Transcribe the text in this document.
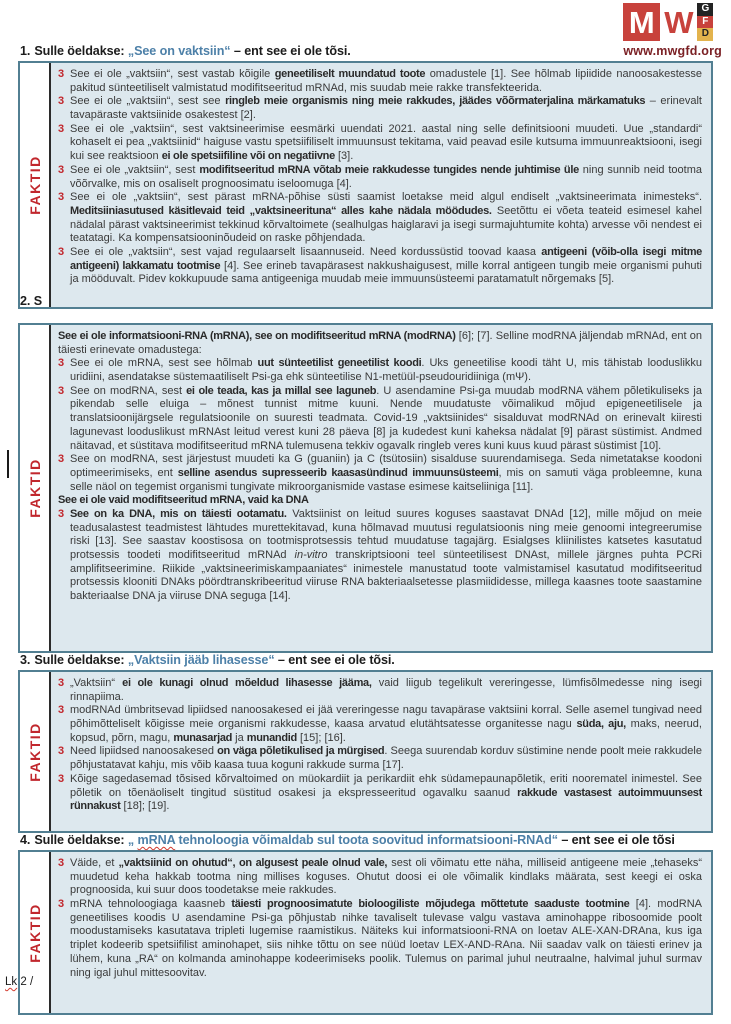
M W G
F
D
www.mwgfd.org
1. Sulle öeldakse: „See on vaktsiin“ – ent see ei ole tõsi.
FAKTID
3 See ei ole „vaktsiin“, sest vastab kõigile geneetiliselt muundatud toote omadustele [1]. See hõlmab lipiidide nanoosakestesse pakitud sünteetiliselt valmistatud modifitseeritud mRNAd, mis suudab meie rakke transfekteerida.
3 See ei ole „vaktsiin“, sest see ringleb meie organismis ning meie rakkudes, jäädes võõrmaterjalina märkamatuks – erinevalt tavapäraste vaktsiinide osakestest [2].
3 See ei ole „vaktsiin“, sest vaktsineerimise eesmärki uuendati 2021. aastal ning selle definitsiooni muudeti. Uue „standardi“ kohaselt ei pea „vaktsiinid“ haiguse vastu spetsiifiliselt immuunsust tekitama, vaid peavad esile kutsuma immuunreaktsiooni, isegi kui see reaktsioon ei ole spetsiifiline või on negatiivne [3].
3 See ei ole „vaktsiin“, sest modifitseeritud mRNA võtab meie rakkudesse tungides nende juhtimise üle ning sunnib neid tootma võõrvalke, mis on osaliselt prognoosimatu iseloomuga [4].
3 See ei ole „vaktsiin“, sest pärast mRNA-põhise süsti saamist loetakse meid algul endiselt „vaktsineerimata inimesteks“. Meditsiiniasutused käsitlevaid teid „vaktsineerituna“ alles kahe nädala möödudes. Seetõttu ei võeta teateid esimesel kahel nädalal pärast vaktsineerimist tekkinud kõrvaltoimete (sealhulgas haiglaravi ja isegi surmajuhtumite kohta) arvesse või nendest ei teatatagi. Ka kompensatsiooninõudeid on raske põhjendada.
3 See ei ole „vaktsiin“, sest vajad regulaarselt lisaannuseid. Need kordussüstid toovad kaasa antigeeni (võib-olla isegi mitme antigeeni) lakkamatu tootmise [4]. See erineb tavapärasest nakkushaigusest, mille korral antigeen tungib meie organismi puhuti ja mööduvalt. Pidev kokkupuude sama antigeeniga muudab meie immuunsüsteemi paratamatult nõrgemaks [5].
FAKTID
See ei ole informatsiooni-RNA (mRNA), see on modifitseeritud mRNA (modRNA) [6]; [7]. Selline modRNA jäljendab mRNAd, ent on täiesti erinevate omadustega:
3 See ei ole mRNA, sest see hõlmab uut sünteetilist geneetilist koodi. Uks geneetilise koodi täht U, mis tähistab looduslikku uridiini, asendatakse süstemaatiliselt Psi-ga ehk sünteetilise N1-metüül-pseudouridiiniga (mΨ).
3 See on modRNA, sest ei ole teada, kas ja millal see laguneb. U asendamine Psi-ga muudab modRNA vähem põletikuliseks ja pikendab selle eluiga – mõnest tunnist mitme kuuni. Nende muudatuste võimalikud mõjud epigeneetilisele ja translatsioonijärgsele regulatsioonile on suuresti teadmata. Covid-19 „vaktsiinides“ sisalduvat modRNAd on erinevalt kiiresti lagunevast looduslikust mRNAst leitud verest kuni 28 päeva [8] ja kudedest kuni kaheksa nädalat [9] pärast süstimist. Andmed näitavad, et süstitava modifitseeritud mRNA tulemusena tekkiv ogavalk ringleb veres kuni kuus kuud pärast süstimist [10].
3 See on modRNA, sest järjestust muudeti ka G (guaniin) ja C (tsütosiin) sisalduse suurendamisega. Seda nimetatakse koodoni optimeerimiseks, ent selline asendus supresseerib kaasasündinud immuunsüsteemi, mis on samuti väga probleemne, kuna selle näol on tegemist organismi tungivate mikroorganismide vastase esimese kaitseliiniga [11].
See ei ole vaid modifitseeritud mRNA, vaid ka DNA
3 See on ka DNA, mis on täiesti ootamatu. Vaktsiinist on leitud suures koguses saastavat DNAd [12], mille mõjud on meie teadusalastest teadmistest lähtudes murettekitavad, kuna hõlmavad muutusi regulatsioonis ning meie genoomi integreerumise riski [13]. See saastav koostisosa on tootmisprotsessis tehtud muudatuse tagajärg. Esialgses kliinilistes katsetes kasutatud protsessis toodeti modifitseeritud mRNAd in-vitro transkriptsiooni teel sünteetilisest DNAst, millele järgnes puhta PCRi amplifitseerimine. Riikide „vaktsineerimiskampaaniates“ inimestele manustatud toote valmistamisel kasutatud modifitseeritud protsessis klooniti DNAks pöördtranskribeeritud viiruse RNA bakteriaalsetesse plasmiididesse, millega kaasnes toote saastamine bakteriaalse DNA ja viiruse DNA seguga [14].
3. Sulle öeldakse: „Vaktsiin jääb lihasesse“ – ent see ei ole tõsi.
FAKTID
3 „Vaktsiin“ ei ole kunagi olnud mõeldud lihasesse jääma, vaid liigub tegelikult vereringesse, lümfisõlmedesse ning isegi rinnapiima.
3 modRNAd ümbritsevad lipiidsed nanoosakesed ei jää vereringesse nagu tavapärase vaktsiini korral. Selle asemel tungivad need põhimõtteliselt kõigisse meie organismi rakkudesse, kaasa arvatud elutähtsatesse organitesse nagu süda, aju, maks, neerud, kopsud, põrn, magu, munasarjad ja munandid [15]; [16].
3 Need lipiidsed nanoosakesed on väga põletikulised ja mürgised. Seega suurendab korduv süstimine nende poolt meie rakkudele põhjustatavat kahju, mis võib kaasa tuua koguni rakkude surma [17].
3 Kõige sagedasemad tõsised kõrvaltoimed on müokardiit ja perikardiit ehk südamepaunapõletik, eriti noorematel inimestel. See põletik on tõenäoliselt tingitud süstitud osakesi ja ekspresseeritud ogavalku saanud rakkude vastasest autoimmuunsest rünnakust [18]; [19].
4. Sulle öeldakse: „ mRNA tehnoloogia võimaldab sul toota soovitud informatsiooni-RNAd“ – ent see ei ole tõsi
FAKTID
3 Väide, et „vaktsiinid on ohutud“, on algusest peale olnud vale, sest oli võimatu ette näha, milliseid antigeene meie „tehaseks“ muudetud keha hakkab tootma ning millises koguses. Ohutut doosi ei ole võimalik kindlaks määrata, sest keegi ei oska prognoosida, kui suur doos toodetakse meie rakkudes.
3 mRNA tehnoloogiaga kaasneb täiesti prognoosimatute bioloogiliste mõjudega mõttetute saaduste tootmine [4]. modRNA geneetilises koodis U asendamine Psi-ga põhjustab nihke tavaliselt tulevase valgu vastava aminohappe ribosoomide poolt moodustamiseks kasutatava tripleti lugemise raamistikus. Näiteks kui informatsiooni-RNA on loetav ALE-XAN-DRAna, kus iga triplet kodeerib spetsiifilist aminohapet, siis nihke tõttu on see nüüd loetav LEX-AND-RAna. Nii saadav valk on täiesti erinev ja lühem, kuna „RA“ on kolmanda aminohappe kodeerimiseks poolik. Tulemus on parimal juhul neutraalne, halvimal juhul surmav ning igal juhul mittesoovitav.
2. S
Lk 2 /
